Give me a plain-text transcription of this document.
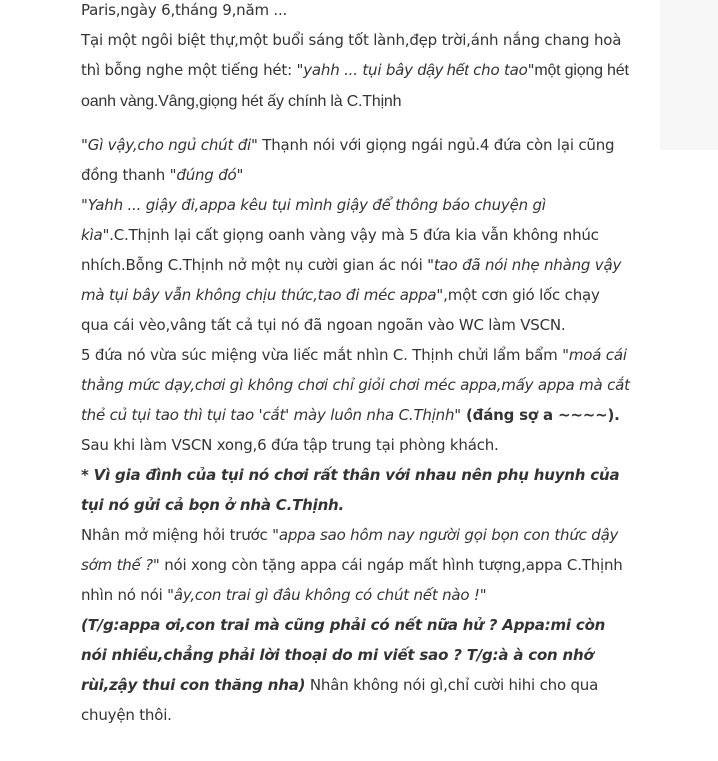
Paris,ngày 6,tháng 9,năm ...

Tại một ngôi biệt thự,một buổi sáng tốt lành,đẹp trời,ánh nắng chang hoà thì bỗng nghe một tiếng hét: "yahh ... tụi bây dậy hết cho tao"một giọng hét oanh vàng.Vâng,giọng hét ấy chính là C.Thịnh

"Gì vậy,cho ngủ chút đi" Thạnh nói với giọng ngái ngủ.4 đứa còn lại cũng đồng thanh "đúng đó"

"Yahh ... giậy đi,appa kêu tụi mình giậy để thông báo chuyện gì kìa".C.Thịnh lại cất giọng oanh vàng vậy mà 5 đứa kia vẫn không nhúc nhích.Bỗng C.Thịnh nở một nụ cười gian ác nói "tao đã nói nhẹ nhàng vậy mà tụi bây vẫn không chịu thức,tao đi méc appa",một cơn gió lốc chạy qua cái vèo,vâng tất cả tụi nó đã ngoan ngoãn vào WC làm VSCN.

5 đứa nó vừa súc miệng vừa liếc mắt nhìn C. Thịnh chửi lẩm bẩm "moá cái thằng mức dạy,chơi gì không chơi chỉ giỏi chơi méc appa,mấy appa mà cắt thẻ củ tụi tao thì tụi tao 'cắt' mày luôn nha C.Thịnh" (đáng sợ a ~~~~).

Sau khi làm VSCN xong,6 đứa tập trung tại phòng khách.

* Vì gia đình của tụi nó chơi rất thân với nhau nên phụ huynh của tụi nó gửi cả bọn ở nhà C.Thịnh.

Nhân mở miệng hỏi trước "appa sao hôm nay người gọi bọn con thức dậy sớm thế ?" nói xong còn tặng appa cái ngáp mất hình tượng,appa C.Thịnh nhìn nó nói "ây,con trai gì đâu không có chút nết nào !"

(T/g:appa ơi,con trai mà cũng phải có nết nữa hử ? Appa:mi còn nói nhiều,chẳng phải lời thoại do mi viết sao ? T/g:à à con nhớ rùi,zậy thui con thăng nha) Nhân không nói gì,chỉ cười hihi cho qua chuyện thôi.
